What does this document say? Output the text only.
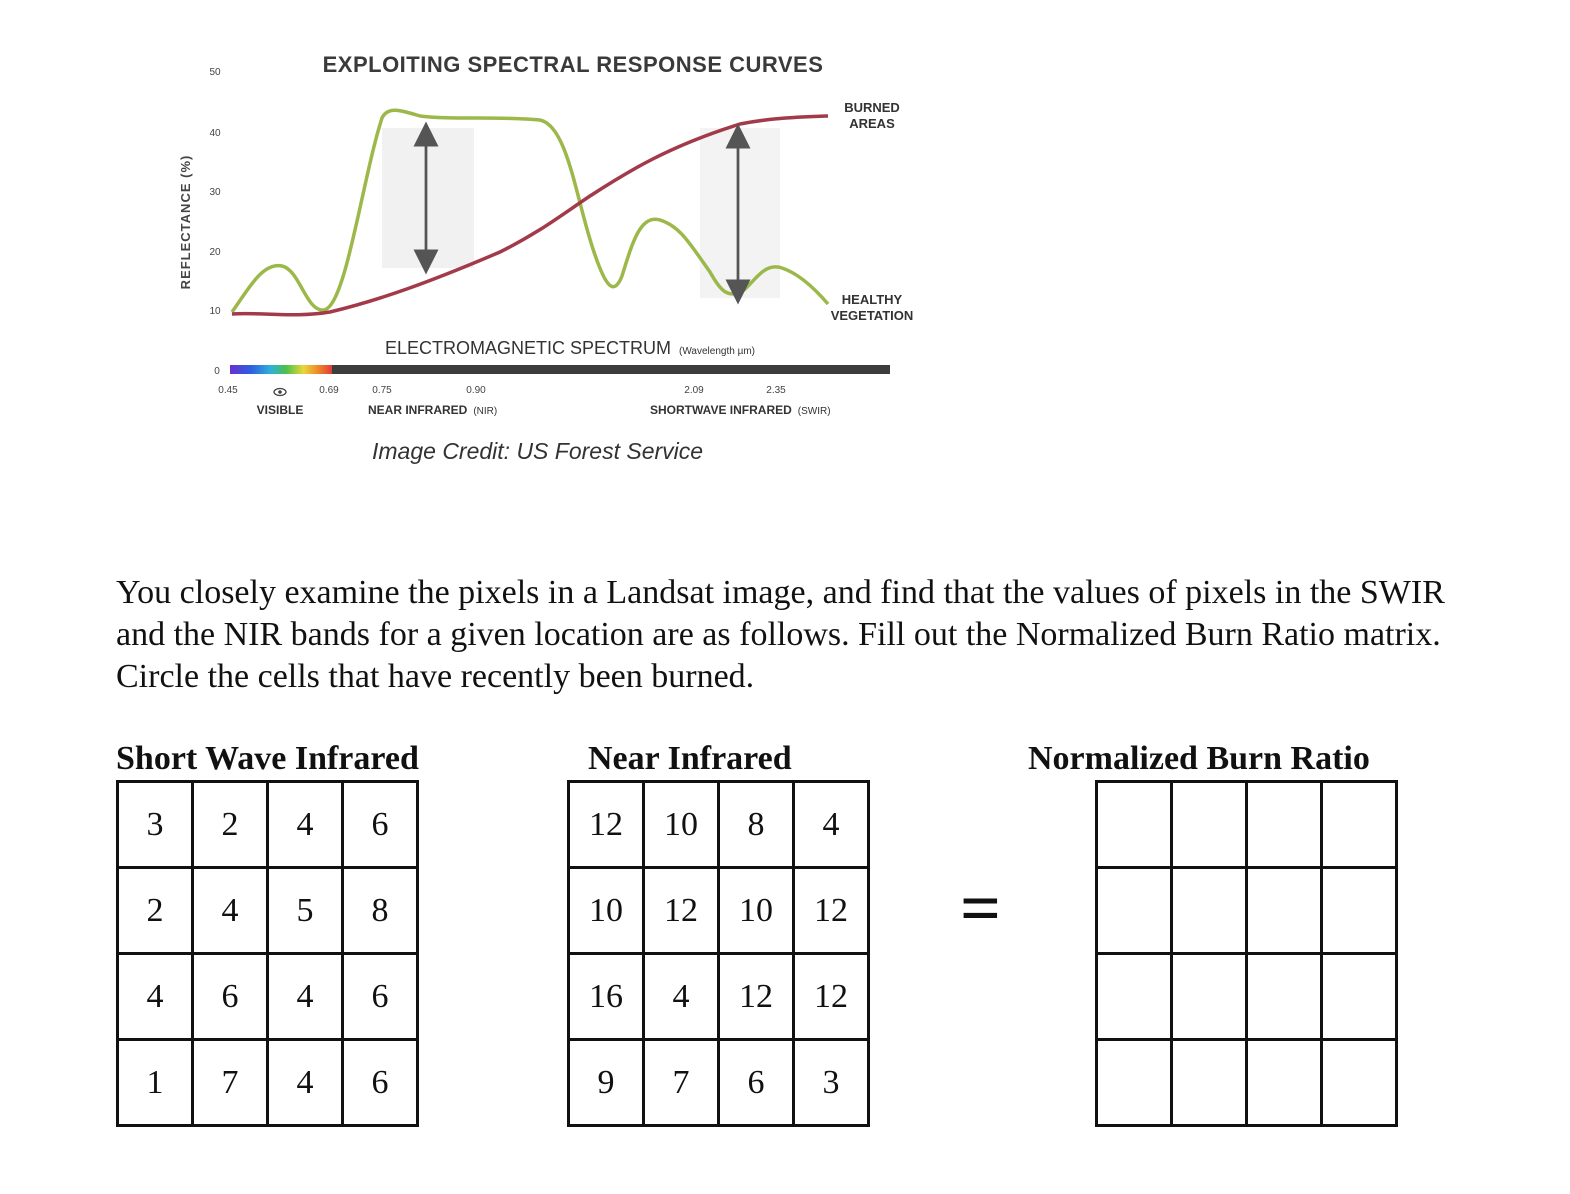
EXPLOITING SPECTRAL RESPONSE CURVES
REFLECTANCE (%)
50
40
30
20
10
0
BURNED
AREAS
HEALTHY
VEGETATION
ELECTROMAGNETIC SPECTRUM (Wavelength µm)
0.45	0.69	0.75	0.90	2.09	2.35
VISIBLE	NEAR INFRARED (NIR)	SHORTWAVE INFRARED (SWIR)
Image Credit: US Forest Service
You closely examine the pixels in a Landsat image, and find that the values of pixels in the SWIR and the NIR bands for a given location are as follows. Fill out the Normalized Burn Ratio matrix. Circle the cells that have recently been burned.
Short Wave Infrared
3	2	4	6
2	4	5	8
4	6	4	6
1	7	4	6
Near Infrared
12	10	8	4
10	12	10	12
16	4	12	12
9	7	6	3
=
Normalized Burn Ratio
